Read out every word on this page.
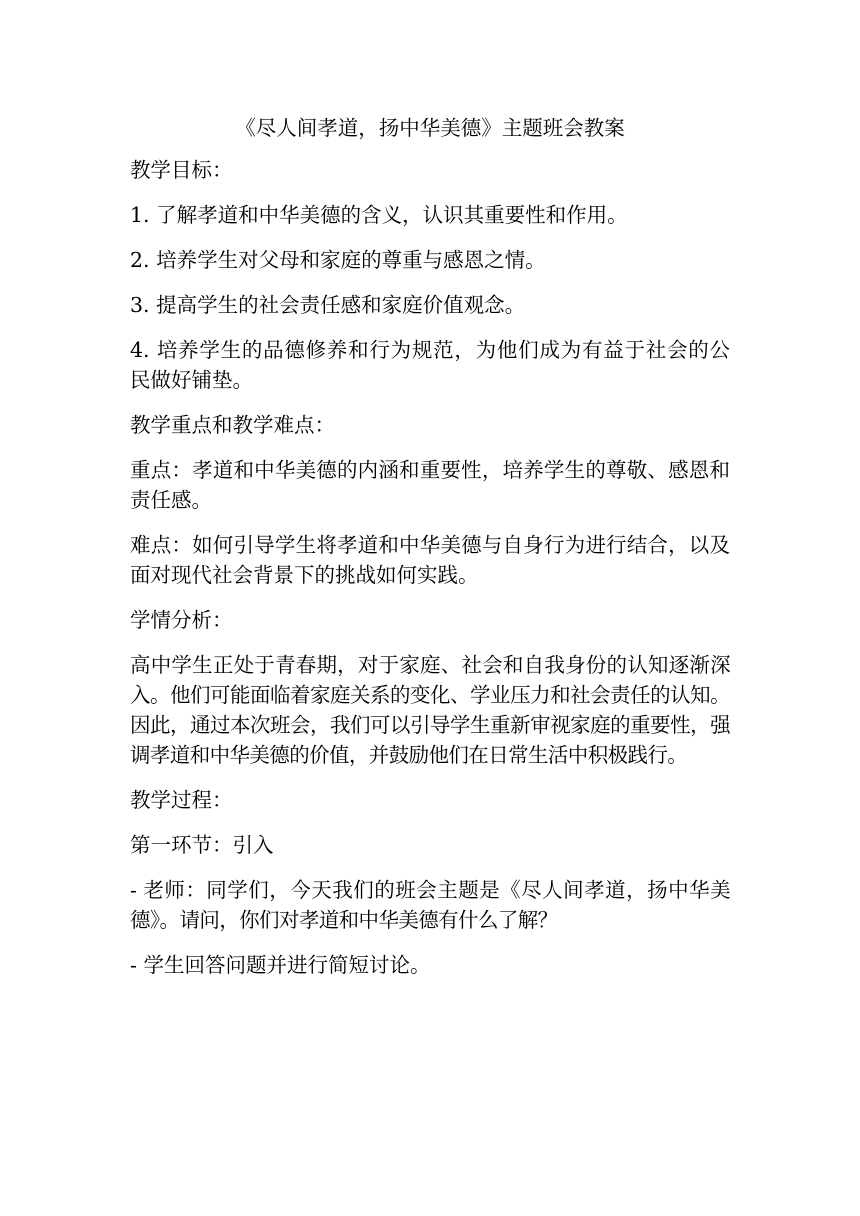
《尽人间孝道，扬中华美德》主题班会教案

教学目标：

1. 了解孝道和中华美德的含义，认识其重要性和作用。

2. 培养学生对父母和家庭的尊重与感恩之情。

3. 提高学生的社会责任感和家庭价值观念。

4. 培养学生的品德修养和行为规范，为他们成为有益于社会的公民做好铺垫。

教学重点和教学难点：

重点：孝道和中华美德的内涵和重要性，培养学生的尊敬、感恩和责任感。

难点：如何引导学生将孝道和中华美德与自身行为进行结合，以及面对现代社会背景下的挑战如何实践。

学情分析：

高中学生正处于青春期，对于家庭、社会和自我身份的认知逐渐深入。他们可能面临着家庭关系的变化、学业压力和社会责任的认知。因此，通过本次班会，我们可以引导学生重新审视家庭的重要性，强调孝道和中华美德的价值，并鼓励他们在日常生活中积极践行。

教学过程：

第一环节：引入

- 老师：同学们，今天我们的班会主题是《尽人间孝道，扬中华美德》。请问，你们对孝道和中华美德有什么了解？

- 学生回答问题并进行简短讨论。
